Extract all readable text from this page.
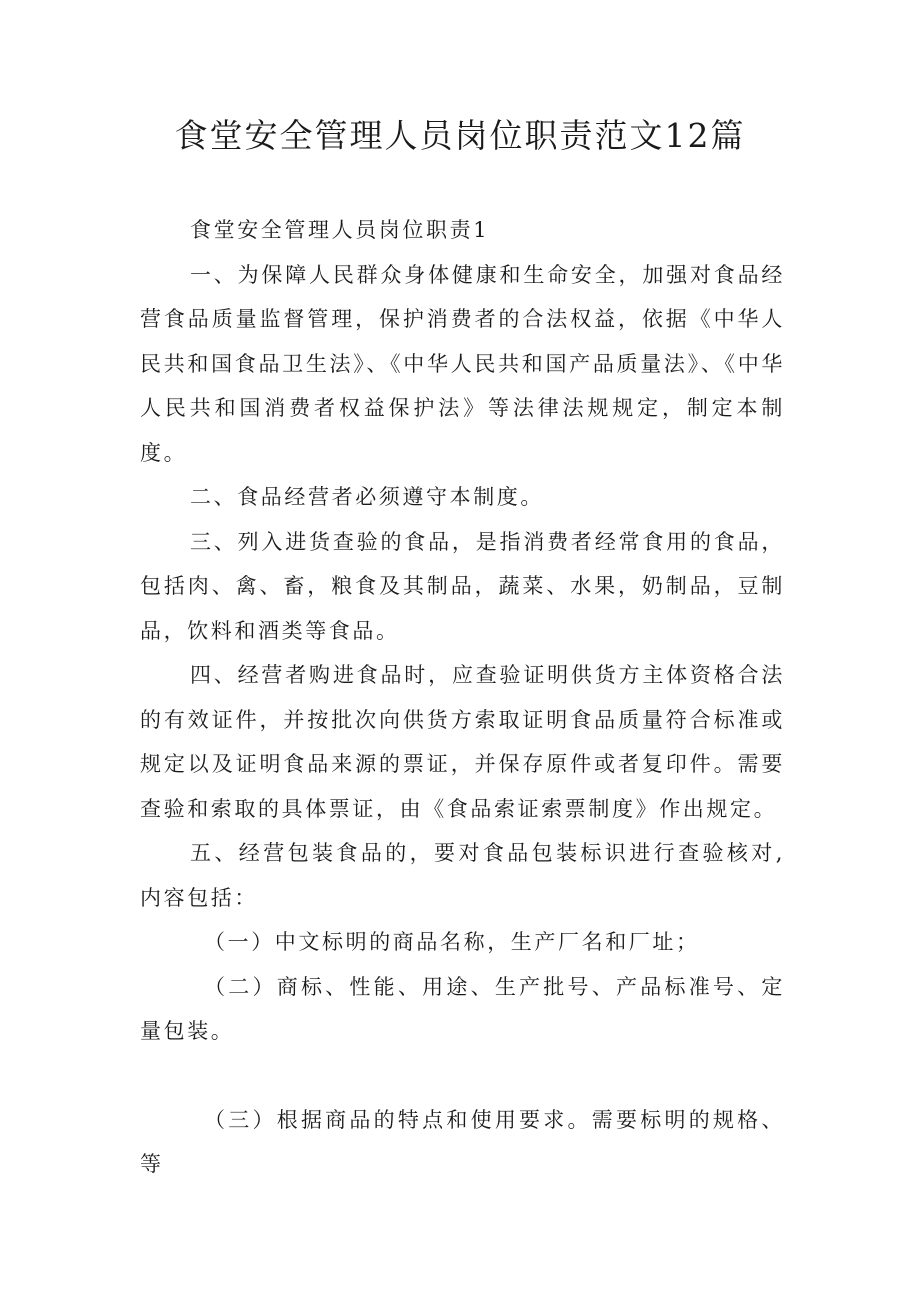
食堂安全管理人员岗位职责范文12篇

食堂安全管理人员岗位职责1

一、为保障人民群众身体健康和生命安全，加强对食品经营食品质量监督管理，保护消费者的合法权益，依据《中华人民共和国食品卫生法》、《中华人民共和国产品质量法》、《中华人民共和国消费者权益保护法》等法律法规规定，制定本制度。

二、食品经营者必须遵守本制度。

三、列入进货查验的食品，是指消费者经常食用的食品，包括肉、禽、畜，粮食及其制品，蔬菜、水果，奶制品，豆制品，饮料和酒类等食品。

四、经营者购进食品时，应查验证明供货方主体资格合法的有效证件，并按批次向供货方索取证明食品质量符合标准或规定以及证明食品来源的票证，并保存原件或者复印件。需要查验和索取的具体票证，由《食品索证索票制度》作出规定。

五、经营包装食品的，要对食品包装标识进行查验核对,内容包括：

（一）中文标明的商品名称，生产厂名和厂址；

（二）商标、性能、用途、生产批号、产品标准号、定量包装。

（三）根据商品的特点和使用要求。需要标明的规格、等
